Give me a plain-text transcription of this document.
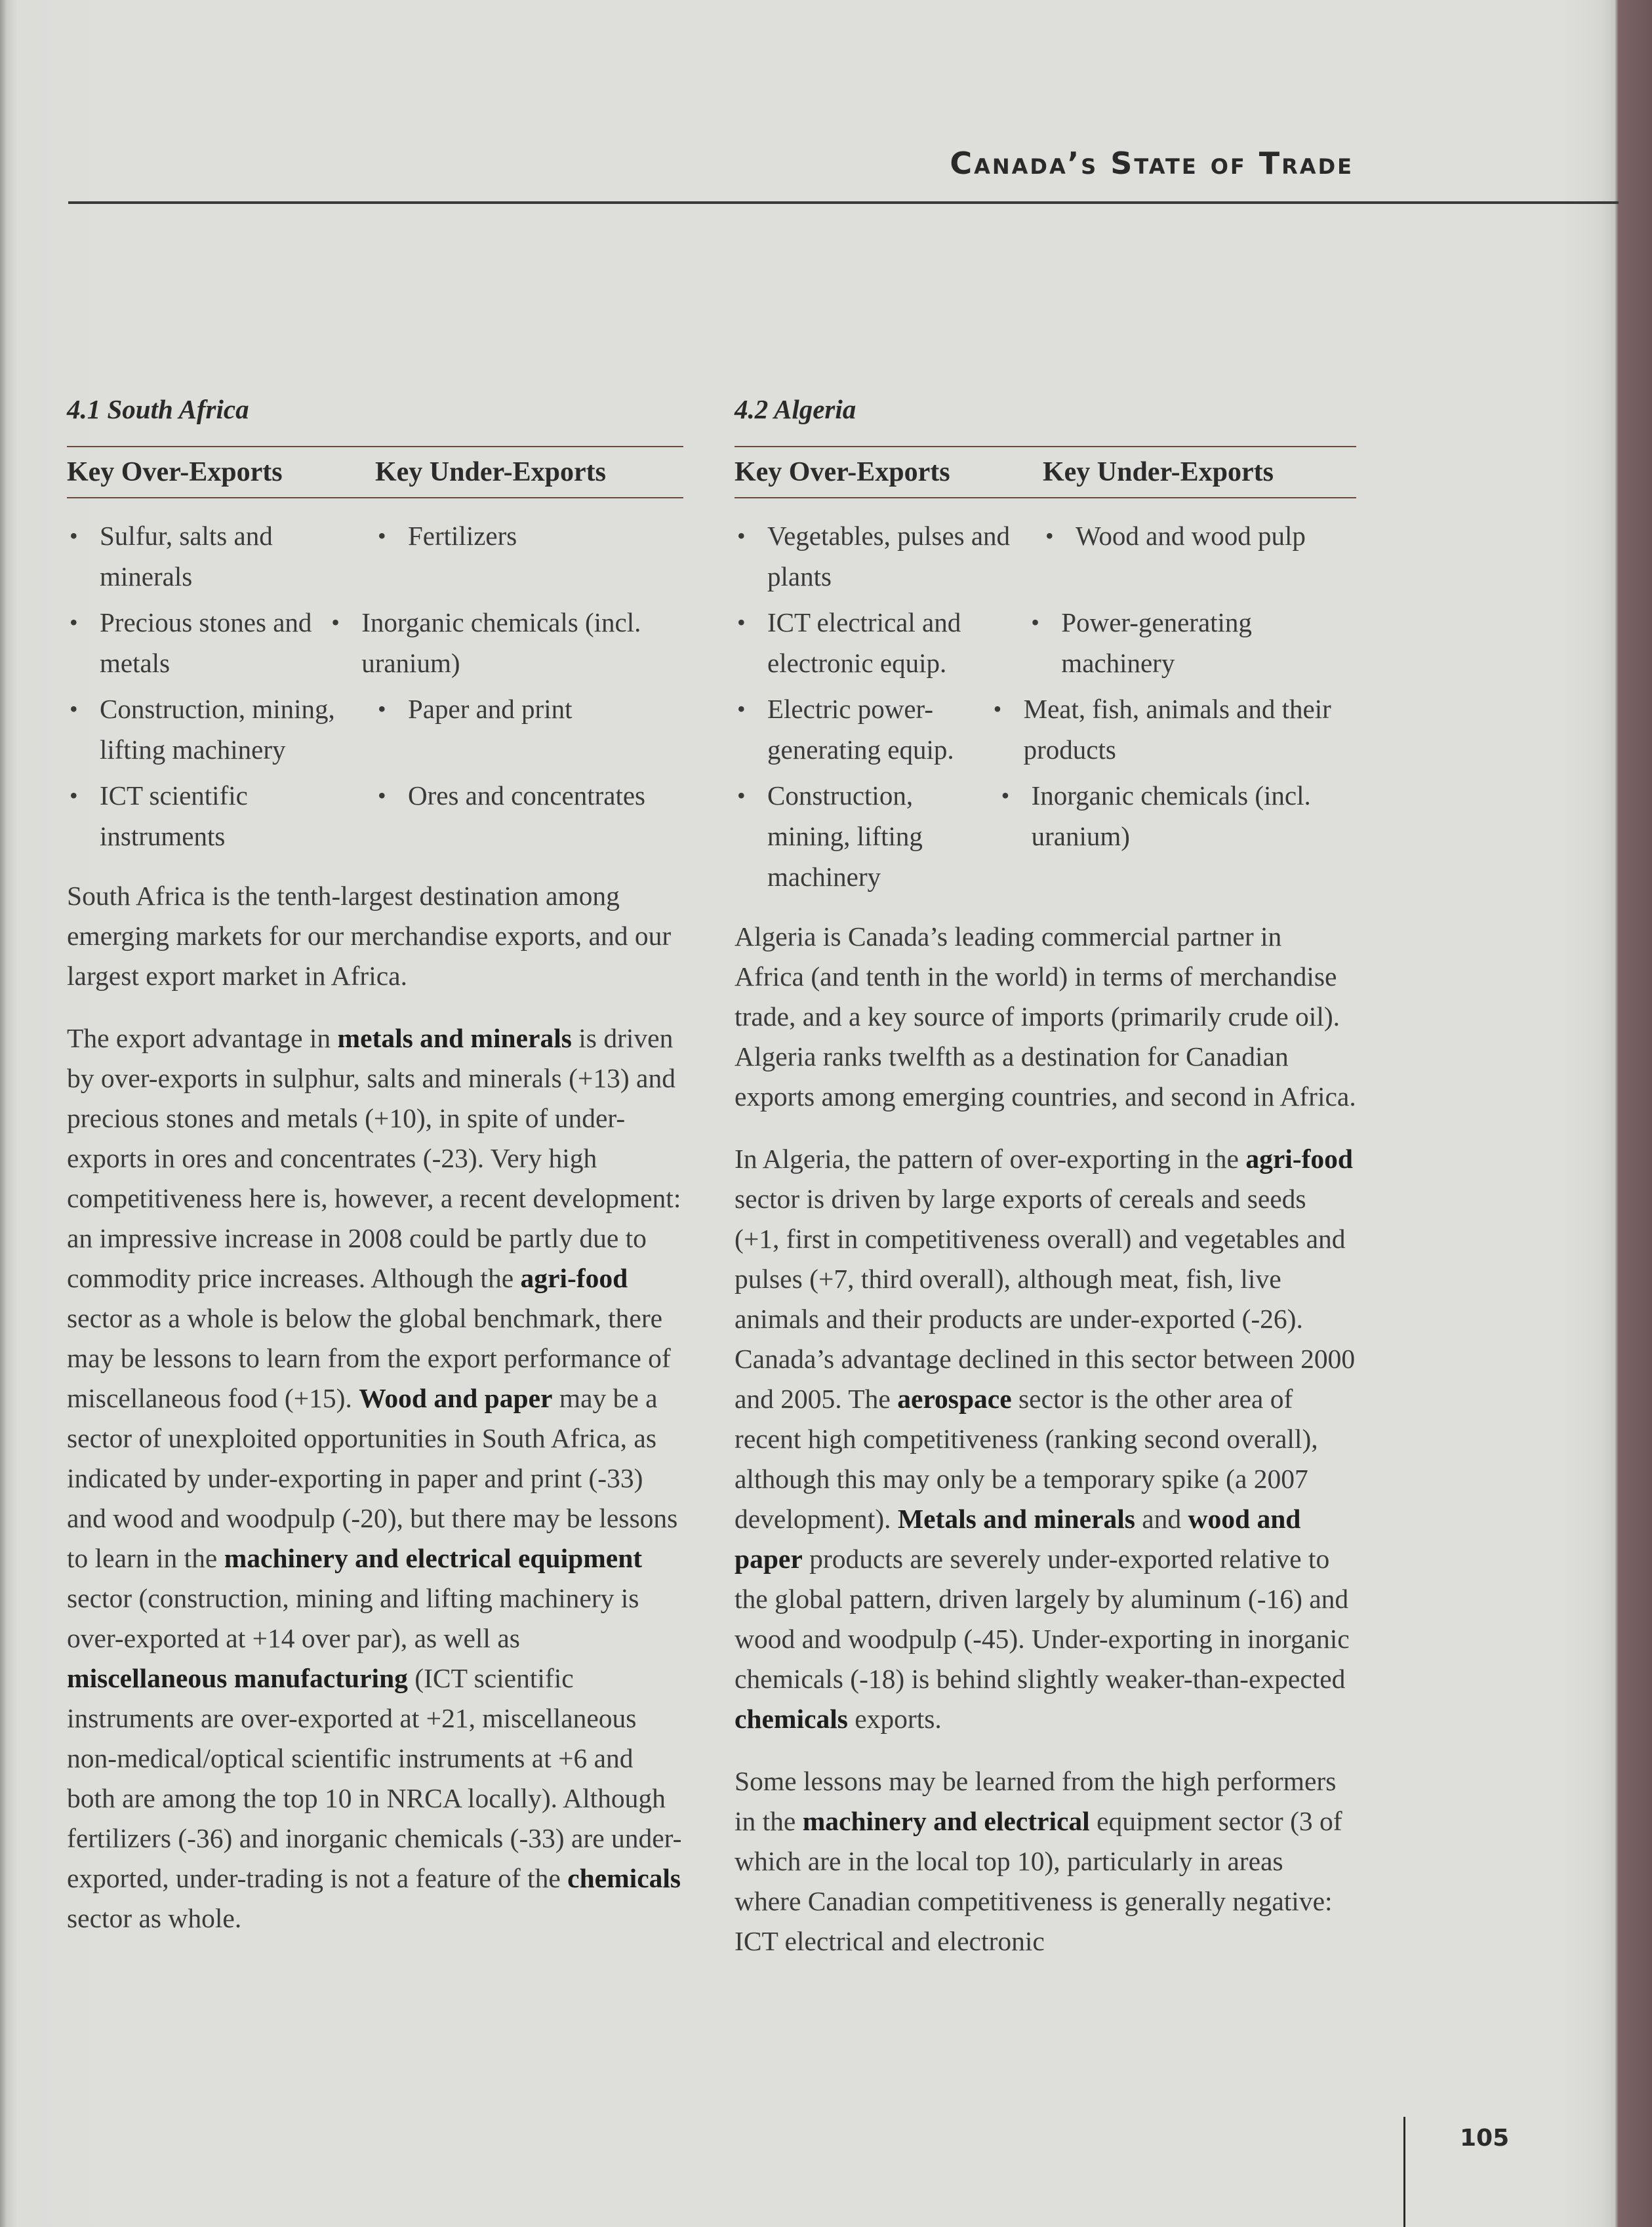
Canada’s State of Trade
4.1 South Africa
Key Over-Exports	Key Under-Exports
• Sulfur, salts and minerals
• Fertilizers
• Precious stones and metals
• Inorganic chemicals (incl. uranium)
• Construction, mining, lifting machinery
• Paper and print
• ICT scientific instruments
• Ores and concentrates

South Africa is the tenth-largest destination among emerging markets for our merchandise exports, and our largest export market in Africa.

The export advantage in metals and minerals is driven by over-exports in sulphur, salts and minerals (+13) and precious stones and metals (+10), in spite of under-exports in ores and concentrates (-23). Very high competitiveness here is, however, a recent development: an impressive increase in 2008 could be partly due to commodity price increases. Although the agri-food sector as a whole is below the global benchmark, there may be lessons to learn from the export performance of miscellaneous food (+15). Wood and paper may be a sector of unexploited opportunities in South Africa, as indicated by under-exporting in paper and print (-33) and wood and woodpulp (-20), but there may be lessons to learn in the machinery and electrical equipment sector (construction, mining and lifting machinery is over-exported at +14 over par), as well as miscellaneous manufacturing (ICT scientific instruments are over-exported at +21, miscellaneous non-medical/optical scientific instruments at +6 and both are among the top 10 in NRCA locally). Although fertilizers (-36) and inorganic chemicals (-33) are under-exported, under-trading is not a feature of the chemicals sector as whole.

4.2 Algeria
Key Over-Exports	Key Under-Exports
• Vegetables, pulses and plants
• Wood and wood pulp
• ICT electrical and electronic equip.
• Power-generating machinery
• Electric power-generating equip.
• Meat, fish, animals and their products
• Construction, mining, lifting machinery
• Inorganic chemicals (incl. uranium)

Algeria is Canada’s leading commercial partner in Africa (and tenth in the world) in terms of merchandise trade, and a key source of imports (primarily crude oil). Algeria ranks twelfth as a destination for Canadian exports among emerging countries, and second in Africa.

In Algeria, the pattern of over-exporting in the agri-food sector is driven by large exports of cereals and seeds (+1, first in competitiveness overall) and vegetables and pulses (+7, third overall), although meat, fish, live animals and their products are under-exported (-26). Canada’s advantage declined in this sector between 2000 and 2005. The aerospace sector is the other area of recent high competitiveness (ranking second overall), although this may only be a temporary spike (a 2007 development). Metals and minerals and wood and paper products are severely under-exported relative to the global pattern, driven largely by aluminum (-16) and wood and woodpulp (-45). Under-exporting in inorganic chemicals (-18) is behind slightly weaker-than-expected chemicals exports.

Some lessons may be learned from the high performers in the machinery and electrical equipment sector (3 of which are in the local top 10), particularly in areas where Canadian competitiveness is generally negative: ICT electrical and electronic

105
